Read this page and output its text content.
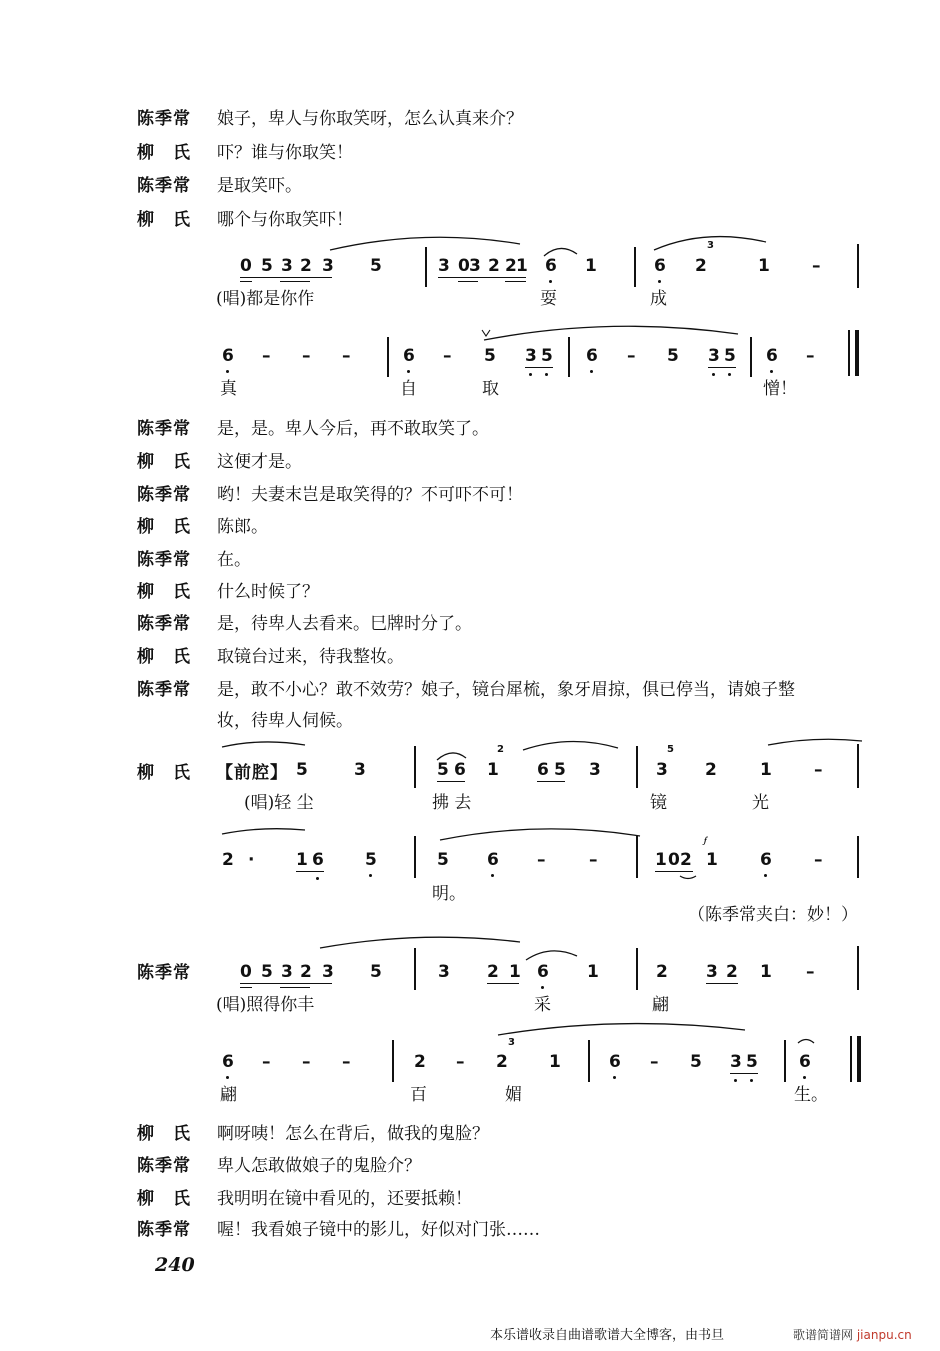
陈季常 娘子，卑人与你取笑呀，怎么认真来介？
柳　氏 吓？谁与你取笑！
陈季常 是取笑吓。
柳　氏 哪个与你取笑吓！
0 5 3 2 3 5	3 0 3 2 2 1 6 1	6 2
3
1 –
(唱)都是你作	耍	成
6 – – –	6 – 5 3 5 6 – 5 3 5 6 –
真	自	取	憎！
陈季常 是，是。卑人今后，再不敢取笑了。
柳　氏 这便才是。
陈季常 哟！夫妻末岂是取笑得的？不可吓不可！
柳　氏 陈郎。
陈季常 在。
柳　氏 什么时候了？
陈季常 是，待卑人去看来。巳牌时分了。
柳　氏 取镜台过来，待我整妆。
陈季常 是，敢不小心？敢不效劳？娘子，镜台犀梳，象牙眉掠，俱已停当，请娘子整
妆，待卑人伺候。
柳　氏 【前腔】 5	3	5 6 1
2
6 5 3	3
5
2	1 –
(唱)轻 尘	拂 去	镜	光
2 · 1 6 5	5 6 –	–	1 0 2 1
𝆑
6 –
明。
（陈季常夹白：妙！）
陈季常	0 5 3 2 3 5	3 2 1 6 1	2 3 2 1 –
(唱)照得你丰	采	翩
6 – – –	2 – 2
3
1	6 – 5 3 5 6
翩	百	媚	生。
柳　氏 啊呀咦！怎么在背后，做我的鬼脸？
陈季常 卑人怎敢做娘子的鬼脸介？
柳　氏 我明明在镜中看见的，还要抵赖！
陈季常 喔！我看娘子镜中的影儿，好似对门张……
240
本乐谱收录自曲谱歌谱大全博客，由书旦	歌谱简谱网 jianpu.cn
